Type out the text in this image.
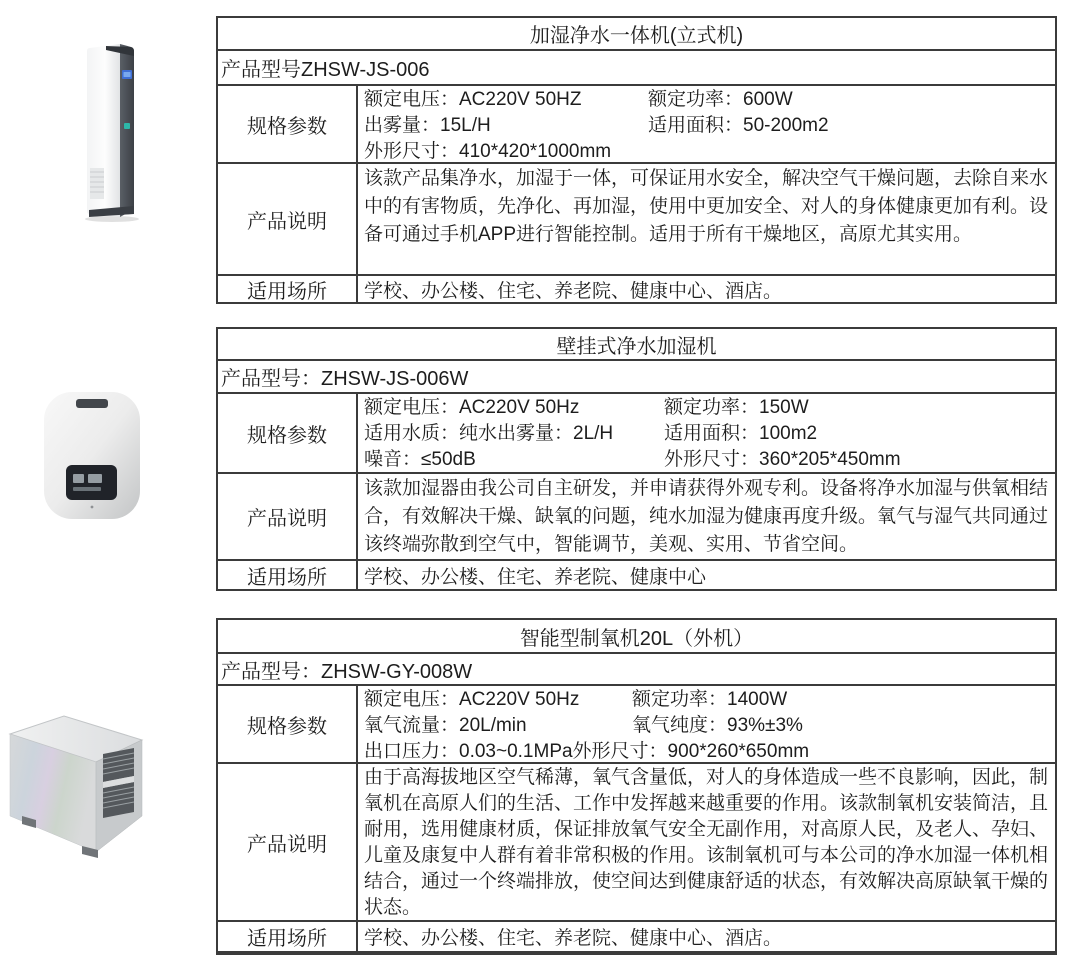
加湿净水一体机(立式机)
产品型号ZHSW-JS-006
规格参数
额定电压：AC220V 50HZ	额定功率：600W
出雾量：15L/H	适用面积：50-200m2
外形尺寸：410*420*1000mm
产品说明
该款产品集净水，加湿于一体，可保证用水安全，解决空气干燥问题，去除自来水中的有害物质，先净化、再加湿，使用中更加安全、对人的身体健康更加有利。设备可通过手机APP进行智能控制。适用于所有干燥地区，高原尤其实用。
适用场所	学校、办公楼、住宅、养老院、健康中心、酒店。
壁挂式净水加湿机
产品型号：ZHSW-JS-006W
规格参数
额定电压：AC220V 50Hz	额定功率：150W
适用水质：纯水出雾量：2L/H	适用面积：100m2
噪音：≤50dB	外形尺寸：360*205*450mm
产品说明
该款加湿器由我公司自主研发，并申请获得外观专利。设备将净水加湿与供氧相结合，有效解决干燥、缺氧的问题，纯水加湿为健康再度升级。氧气与湿气共同通过该终端弥散到空气中，智能调节，美观、实用、节省空间。
适用场所	学校、办公楼、住宅、养老院、健康中心
智能型制氧机20L（外机）
产品型号：ZHSW-GY-008W
规格参数
额定电压：AC220V 50Hz	额定功率：1400W
氧气流量：20L/min	氧气纯度：93%±3%
出口压力：0.03~0.1MPa外形尺寸：900*260*650mm
产品说明
由于高海拔地区空气稀薄，氧气含量低，对人的身体造成一些不良影响，因此，制氧机在高原人们的生活、工作中发挥越来越重要的作用。该款制氧机安装简洁，且耐用，选用健康材质，保证排放氧气安全无副作用，对高原人民，及老人、孕妇、儿童及康复中人群有着非常积极的作用。该制氧机可与本公司的净水加湿一体机相结合，通过一个终端排放，使空间达到健康舒适的状态，有效解决高原缺氧干燥的状态。
适用场所	学校、办公楼、住宅、养老院、健康中心、酒店。
